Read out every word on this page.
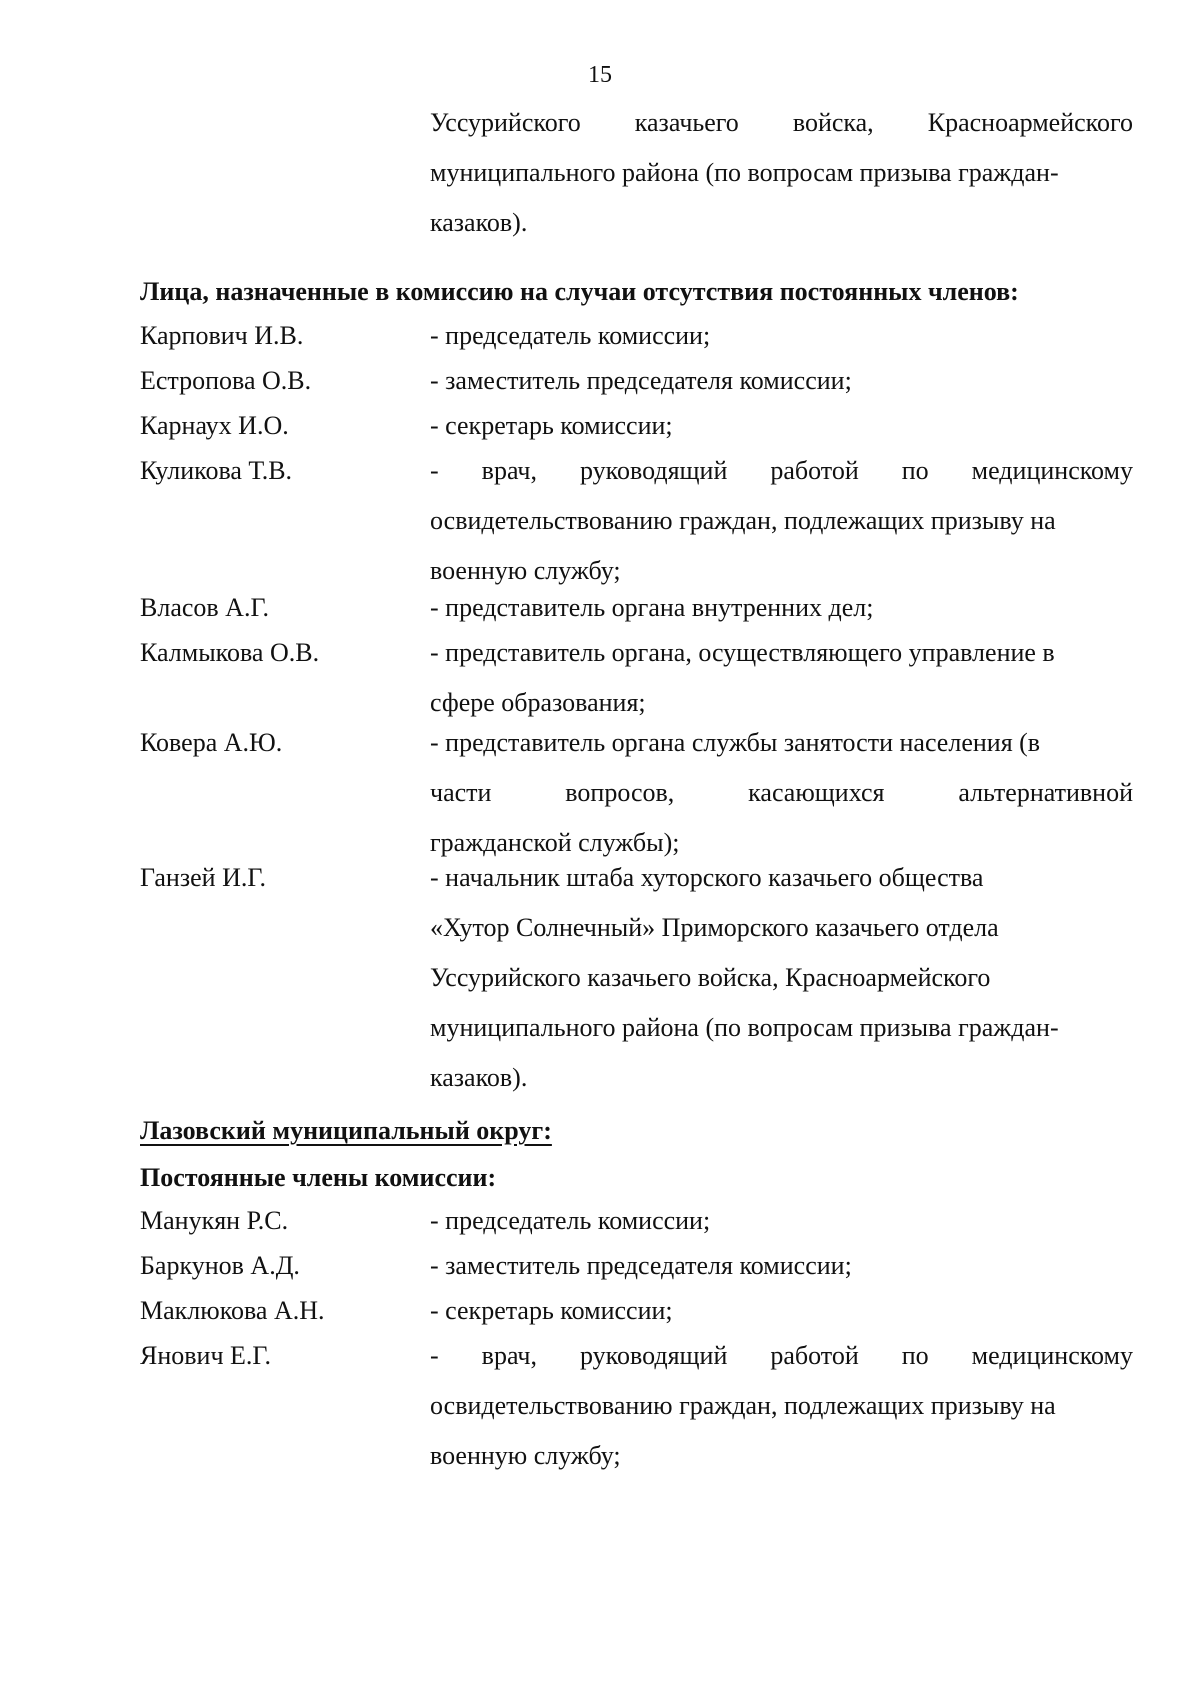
15
Уссурийского казачьего войска, Красноармейского
муниципального района (по вопросам призыва граждан-
казаков).
Лица, назначенные в комиссию на случаи отсутствия постоянных членов:
Карпович И.В.	- председатель комиссии;
Естропова О.В.	- заместитель председателя комиссии;
Карнаух И.О.	- секретарь комиссии;
Куликова Т.В.	- врач, руководящий работой по медицинскому
освидетельствованию граждан, подлежащих призыву на
военную службу;
Власов А.Г.	- представитель органа внутренних дел;
Калмыкова О.В.	- представитель органа, осуществляющего управление в
сфере образования;
Ковера А.Ю.	- представитель органа службы занятости населения (в
части вопросов, касающихся альтернативной
гражданской службы);
Ганзей И.Г.	- начальник штаба хуторского казачьего общества
«Хутор Солнечный» Приморского казачьего отдела
Уссурийского казачьего войска, Красноармейского
муниципального района (по вопросам призыва граждан-
казаков).
Лазовский муниципальный округ:
Постоянные члены комиссии:
Манукян Р.С.	- председатель комиссии;
Баркунов А.Д.	- заместитель председателя комиссии;
Маклюкова А.Н.	- секретарь комиссии;
Янович Е.Г.	- врач, руководящий работой по медицинскому
освидетельствованию граждан, подлежащих призыву на
военную службу;
